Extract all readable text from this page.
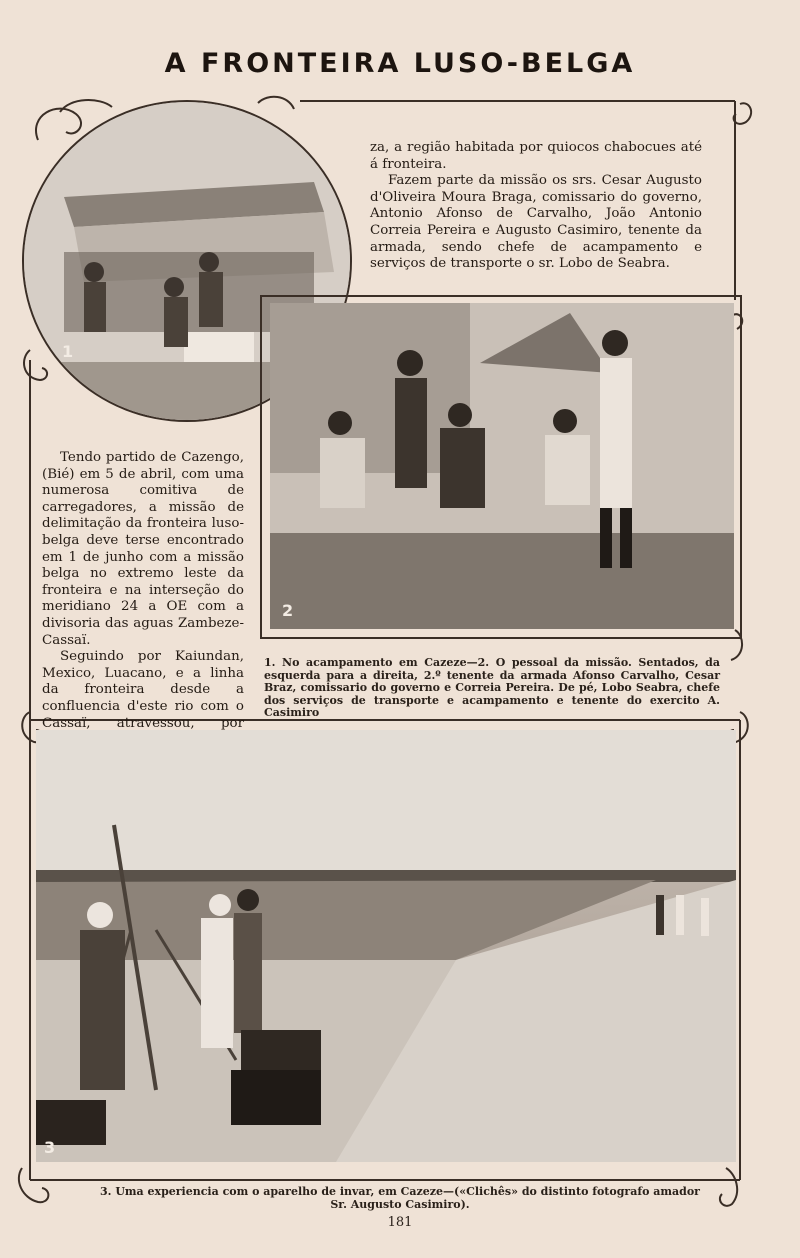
A FRONTEIRA LUSO-BELGA
1

za, a região habitada por quiocos chabocues até á fronteira.

Fazem parte da missão os srs. Cesar Augusto d'Oliveira Moura Braga, comissario do governo, Antonio Afonso de Carvalho, João Antonio Correia Pereira e Augusto Casimiro, tenente da armada, sendo chefe de acampamento e serviços de transporte o sr. Lobo de Seabra.

2

Tendo partido de Cazengo, (Bié) em 5 de abril, com uma numerosa comitiva de carregadores, a missão de delimitação da fronteira luso-belga deve terse encontrado em 1 de junho com a missão belga no extremo leste da fronteira e na interseção do meridiano 24 a OE com a divisoria das aguas Zambeze-Cassaï.

Seguindo por Kaiundan, Mexico, Luacano, e a linha da fronteira desde a confluencia d'este rio com o Cassaï, atravessou, por

1. No acampamento em Cazeze—2. O pessoal da missão. Sentados, da esquerda para a direita, 2.º tenente da armada Afonso Carvalho, Cesar Braz, comissario do governo e Correia Pereira. De pé, Lobo Seabra, chefe dos serviços de transporte e acampamento e tenente do exercito A. Casimiro
3
3. Uma experiencia com o aparelho de invar, em Cazeze—(«Clichês» do distinto fotografo amador
Sr. Augusto Casimiro).
181
